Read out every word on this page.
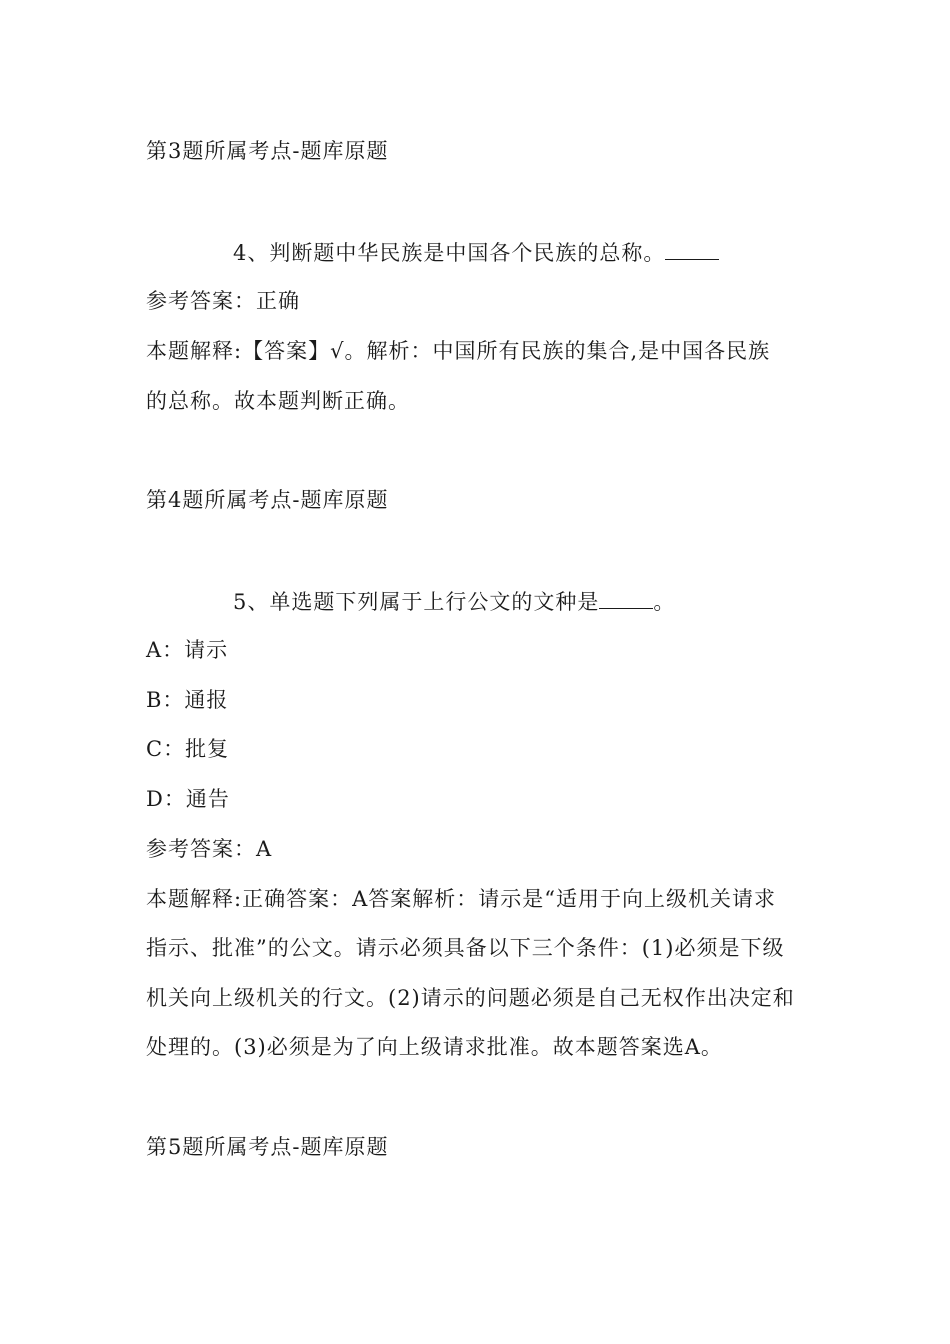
第3题所属考点-题库原题
4、判断题中华民族是中国各个民族的总称。
参考答案：正确
本题解释:【答案】√。解析：中国所有民族的集合,是中国各民族
的总称。故本题判断正确。
第4题所属考点-题库原题
5、单选题下列属于上行公文的文种是	。
A：请示
B：通报
C：批复
D：通告
参考答案：A
本题解释:正确答案：A答案解析：请示是“适用于向上级机关请求
指示、批准”的公文。请示必须具备以下三个条件：(1)必须是下级
机关向上级机关的行文。(2)请示的问题必须是自己无权作出决定和
处理的。(3)必须是为了向上级请求批准。故本题答案选A。
第5题所属考点-题库原题
